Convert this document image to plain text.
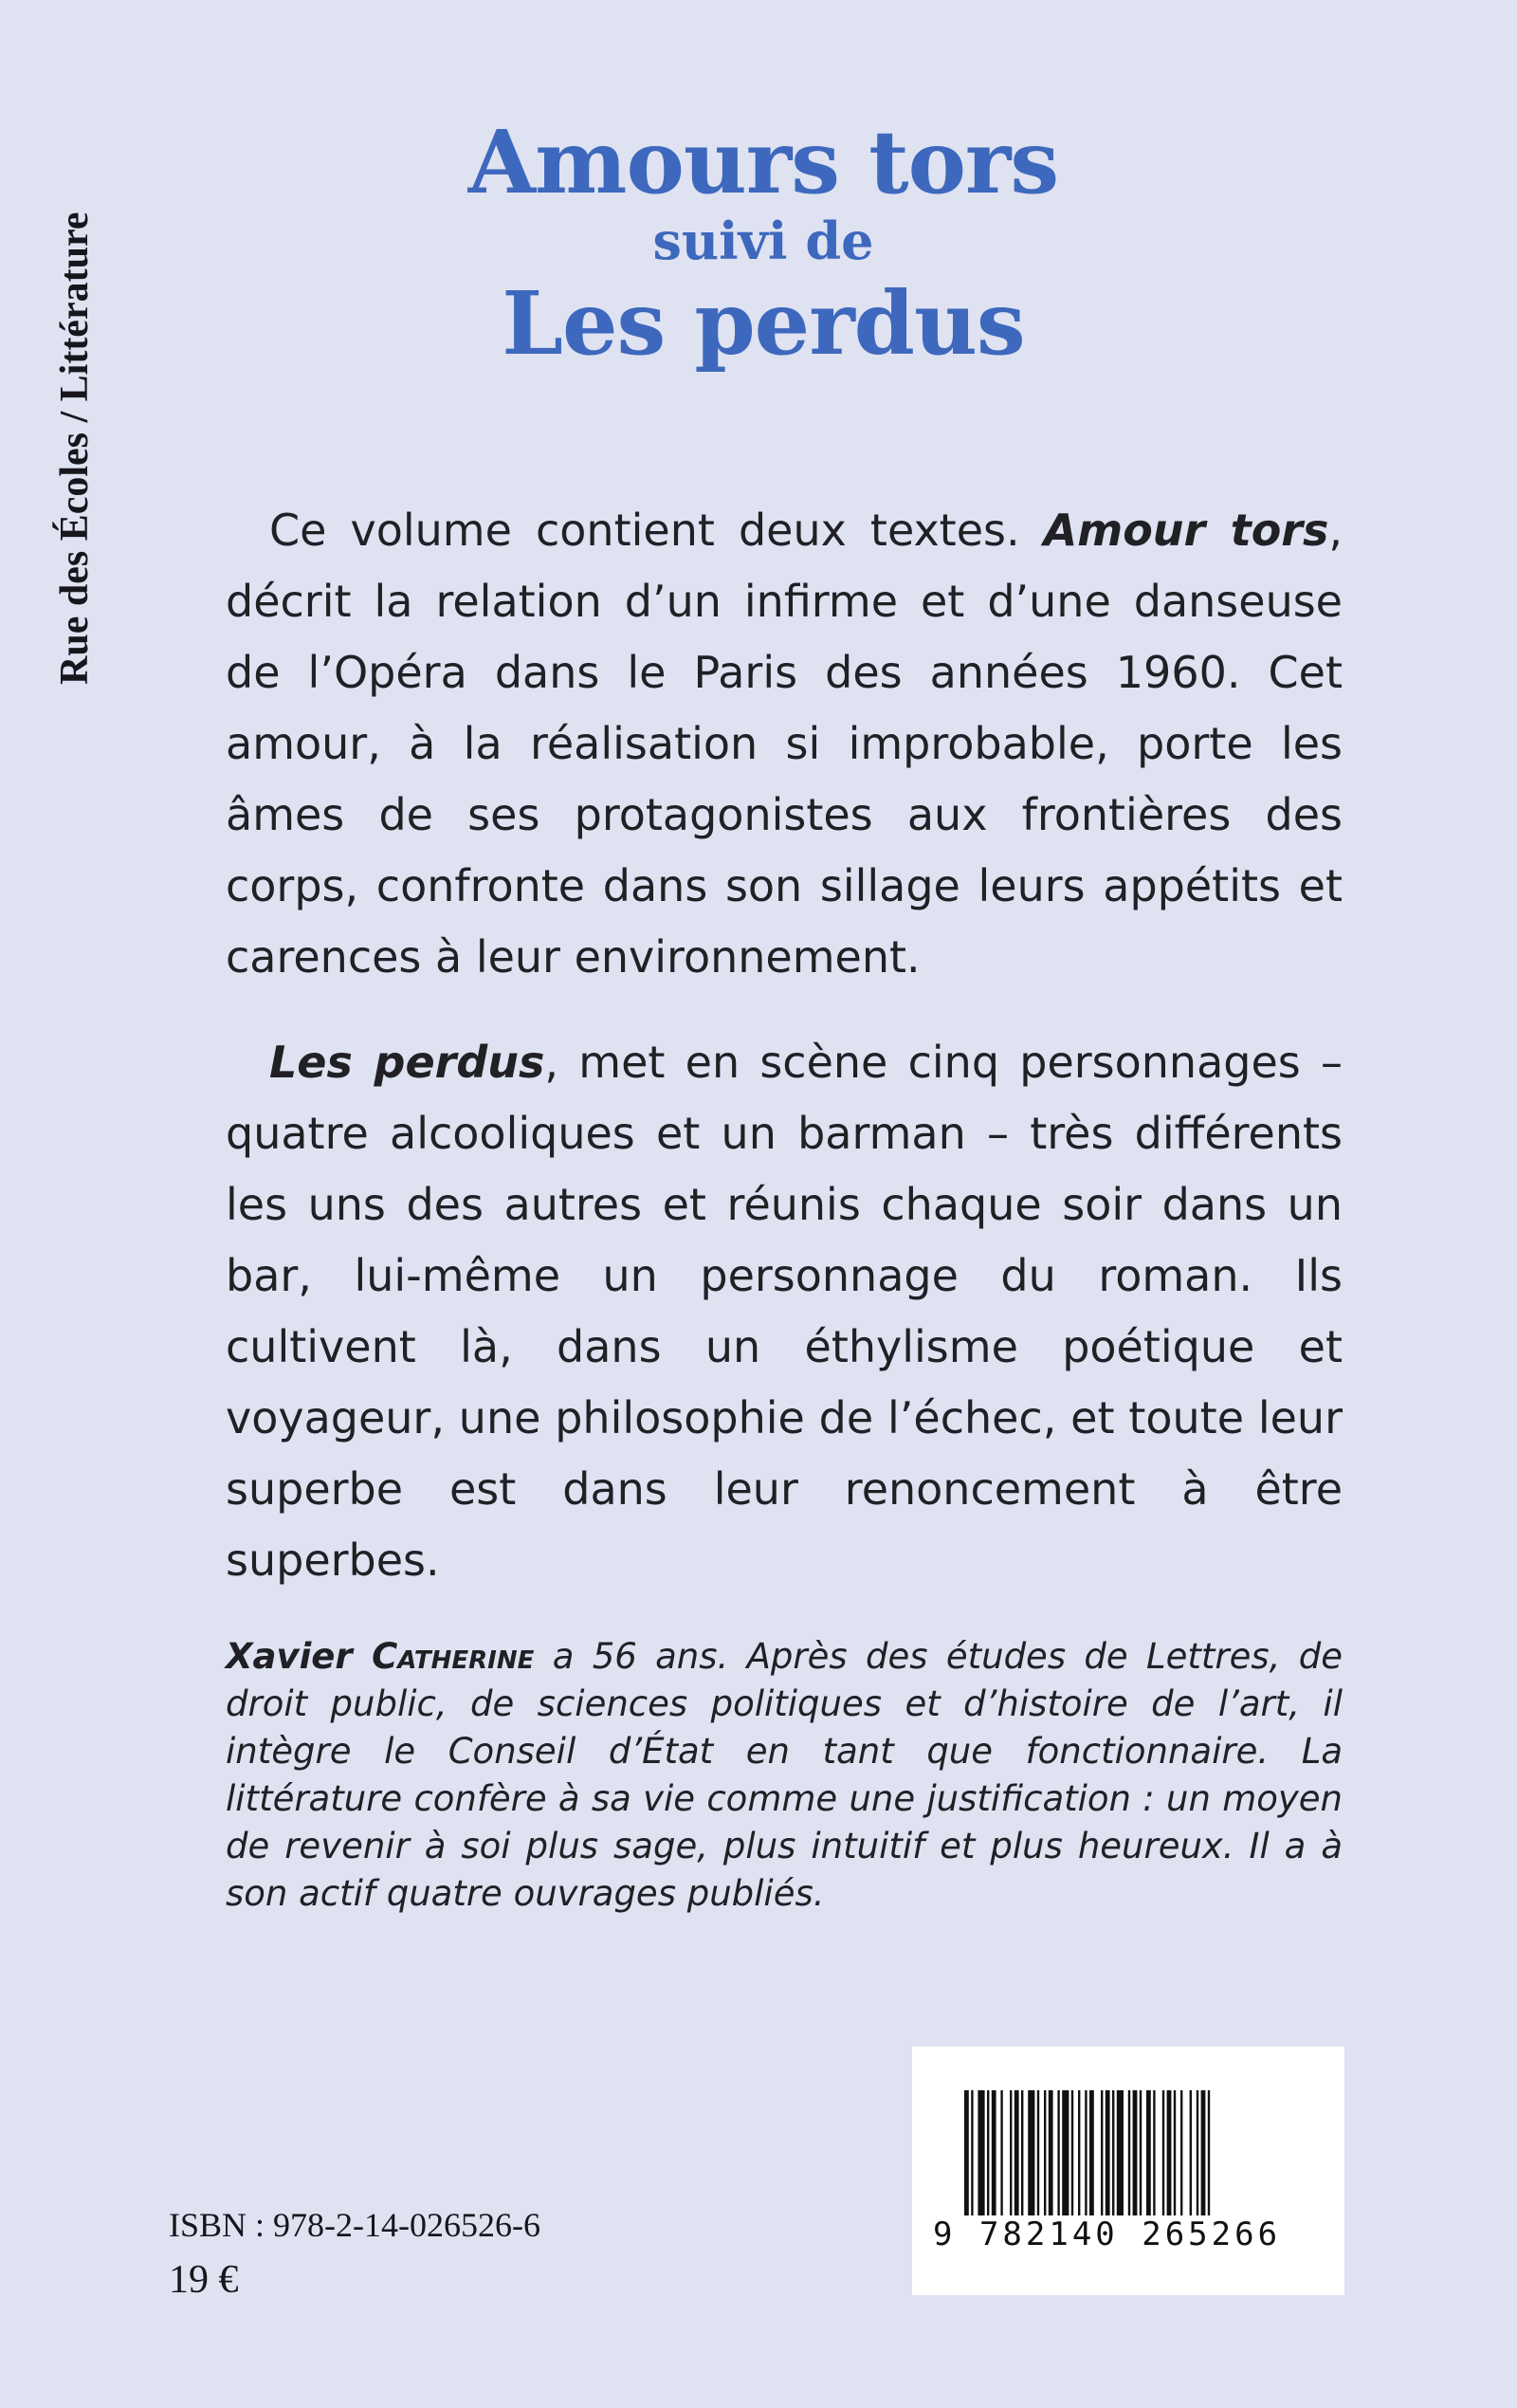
Rue des Écoles / Littérature
Amours tors
suivi de
Les perdus

Ce volume contient deux textes. Amour tors, décrit la relation d’un infirme et d’une danseuse de l’Opéra dans le Paris des années 1960. Cet amour, à la réalisation si improbable, porte les âmes de ses protagonistes aux frontières des corps, confronte dans son sillage leurs appétits et carences à leur environnement.

Les perdus, met en scène cinq personnages – quatre alcooliques et un barman – très différents les uns des autres et réunis chaque soir dans un bar, lui-même un personnage du roman. Ils cultivent là, dans un éthylisme poétique et voyageur, une philosophie de l’échec, et toute leur superbe est dans leur renoncement à être superbes.

Xavier Catherine a 56 ans. Après des études de Lettres, de droit public, de sciences politiques et d’histoire de l’art, il intègre le Conseil d’État en tant que fonctionnaire. La littérature confère à sa vie comme une justification : un moyen de revenir à soi plus sage, plus intuitif et plus heureux. Il a à son actif quatre ouvrages publiés.
ISBN : 978-2-14-026526-6
19 €
9 782140 265266
